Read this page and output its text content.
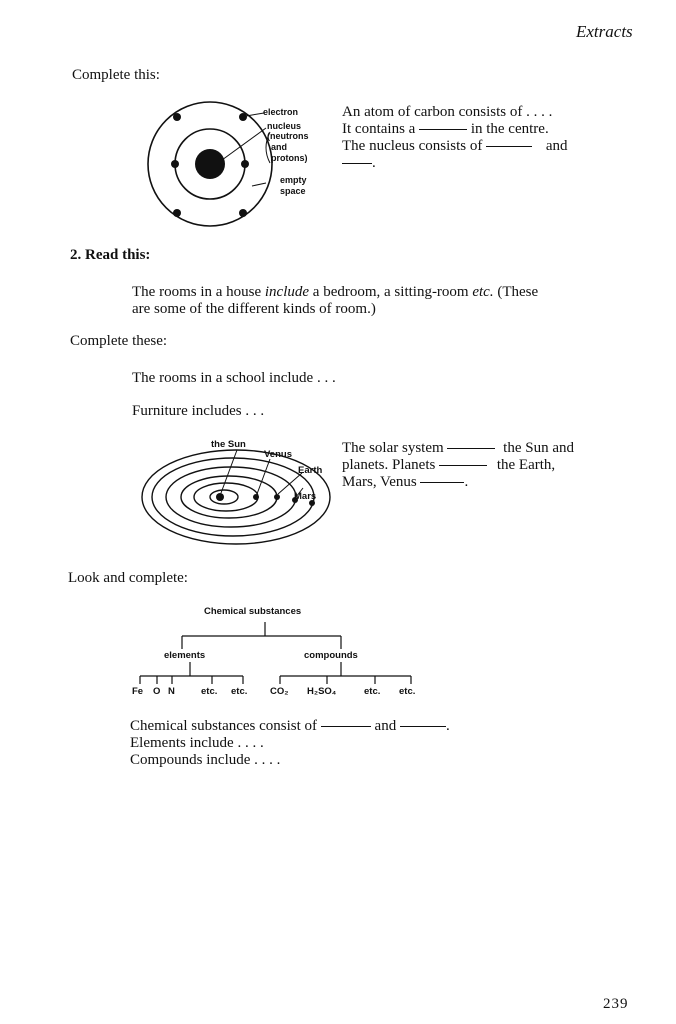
Extracts
Complete this:
electron
nucleus
(neutrons
and
protons)
empty
space
An atom of carbon consists of . . . .
It contains a	in the centre.
The nucleus consists of	and
.
2. Read this:
The rooms in a house include a bedroom, a sitting-room etc. (These
are some of the different kinds of room.)
Complete these:
The rooms in a school include . . .
Furniture includes . . .
the Sun
Venus
Earth
Mars
The solar system	the Sun and
planets. Planets	the Earth,
Mars, Venus	.
Look and complete:
Chemical substances
elements	compounds
Fe O N	etc. etc. CO₂ H₂SO₄	etc. etc.
Chemical substances consist of	and	.
Elements include . . . .
Compounds include . . . .
239
